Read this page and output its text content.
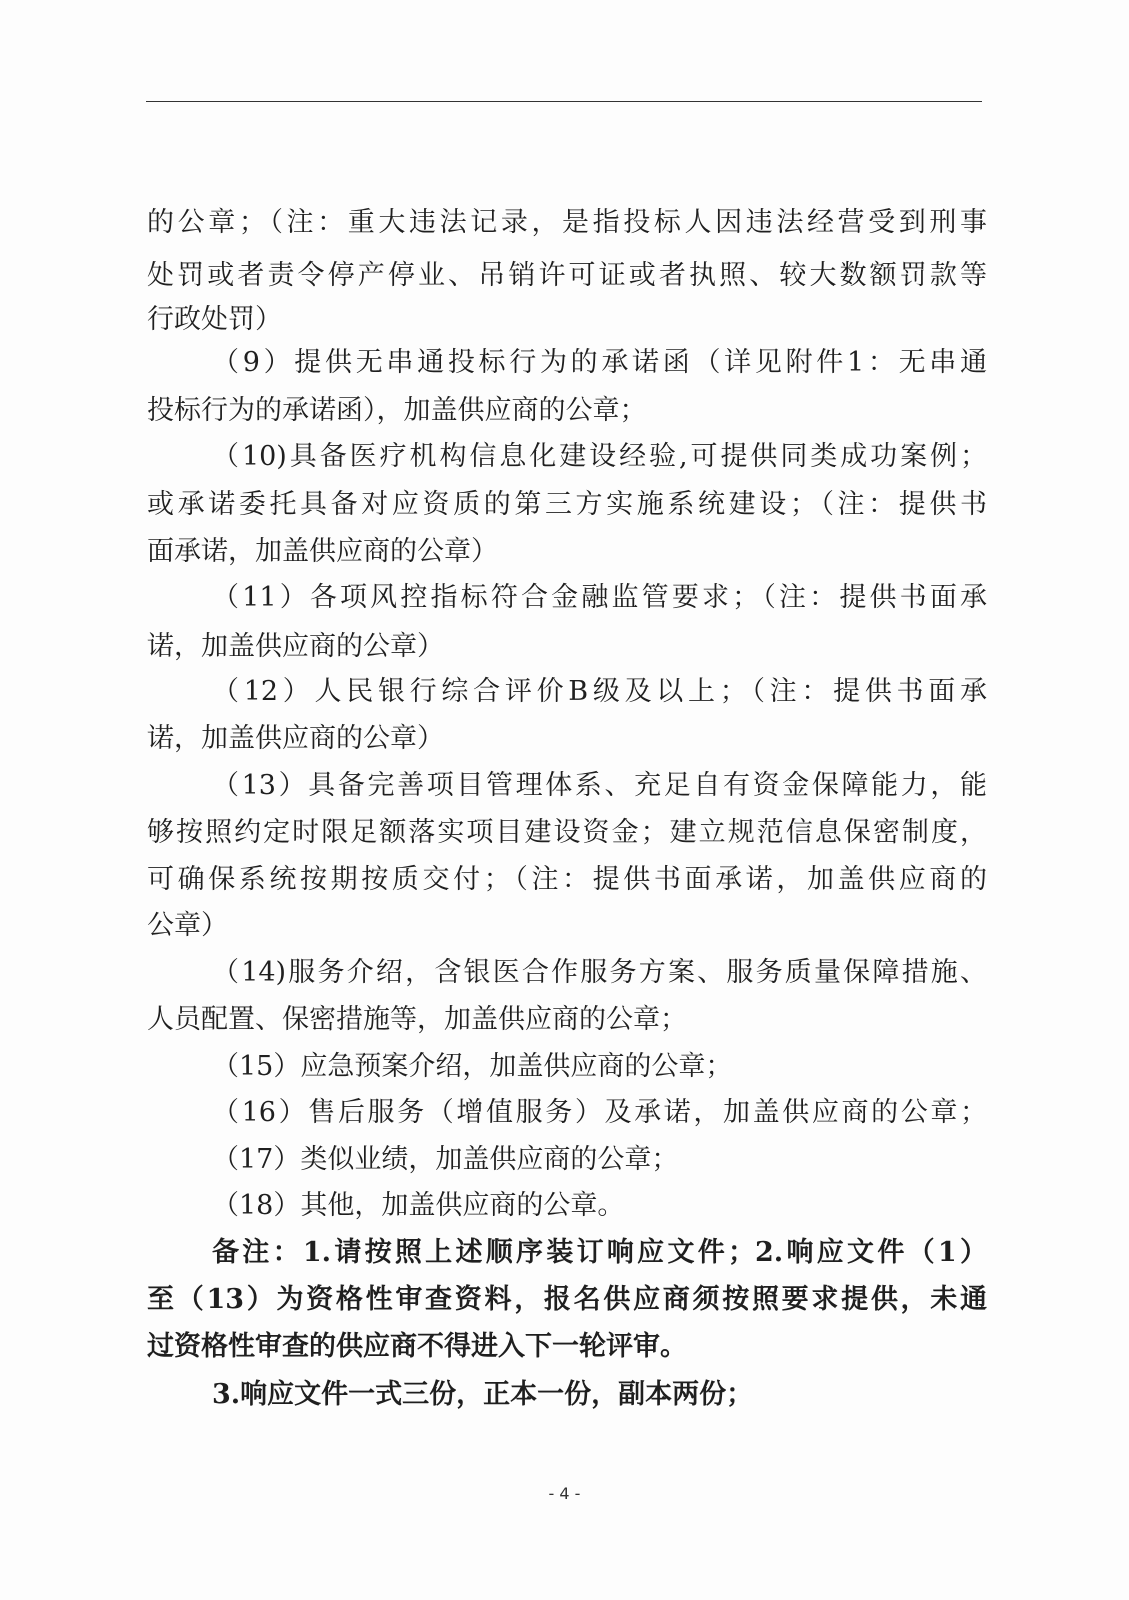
的公章；（注：重大违法记录，是指投标人因违法经营受到刑事
处罚或者责令停产停业、吊销许可证或者执照、较大数额罚款等
行政处罚）
（9）提供无串通投标行为的承诺函（详见附件1：无串通
投标行为的承诺函），加盖供应商的公章；
（10)具备医疗机构信息化建设经验,可提供同类成功案例；
或承诺委托具备对应资质的第三方实施系统建设；（注：提供书
面承诺，加盖供应商的公章）
（11）各项风控指标符合金融监管要求；（注：提供书面承
诺，加盖供应商的公章）
（12）人民银行综合评价B级及以上；（注：提供书面承
诺，加盖供应商的公章）
（13）具备完善项目管理体系、充足自有资金保障能力，能
够按照约定时限足额落实项目建设资金；建立规范信息保密制度，
可确保系统按期按质交付；（注：提供书面承诺，加盖供应商的
公章）
（14)服务介绍，含银医合作服务方案、服务质量保障措施、
人员配置、保密措施等，加盖供应商的公章；
（15）应急预案介绍，加盖供应商的公章；
（16）售后服务（增值服务）及承诺，加盖供应商的公章；
（17）类似业绩，加盖供应商的公章；
（18）其他，加盖供应商的公章。
备注：1.请按照上述顺序装订响应文件；2.响应文件（1）
至（13）为资格性审查资料，报名供应商须按照要求提供，未通
过资格性审查的供应商不得进入下一轮评审。
3.响应文件一式三份，正本一份，副本两份；
- 4 -
